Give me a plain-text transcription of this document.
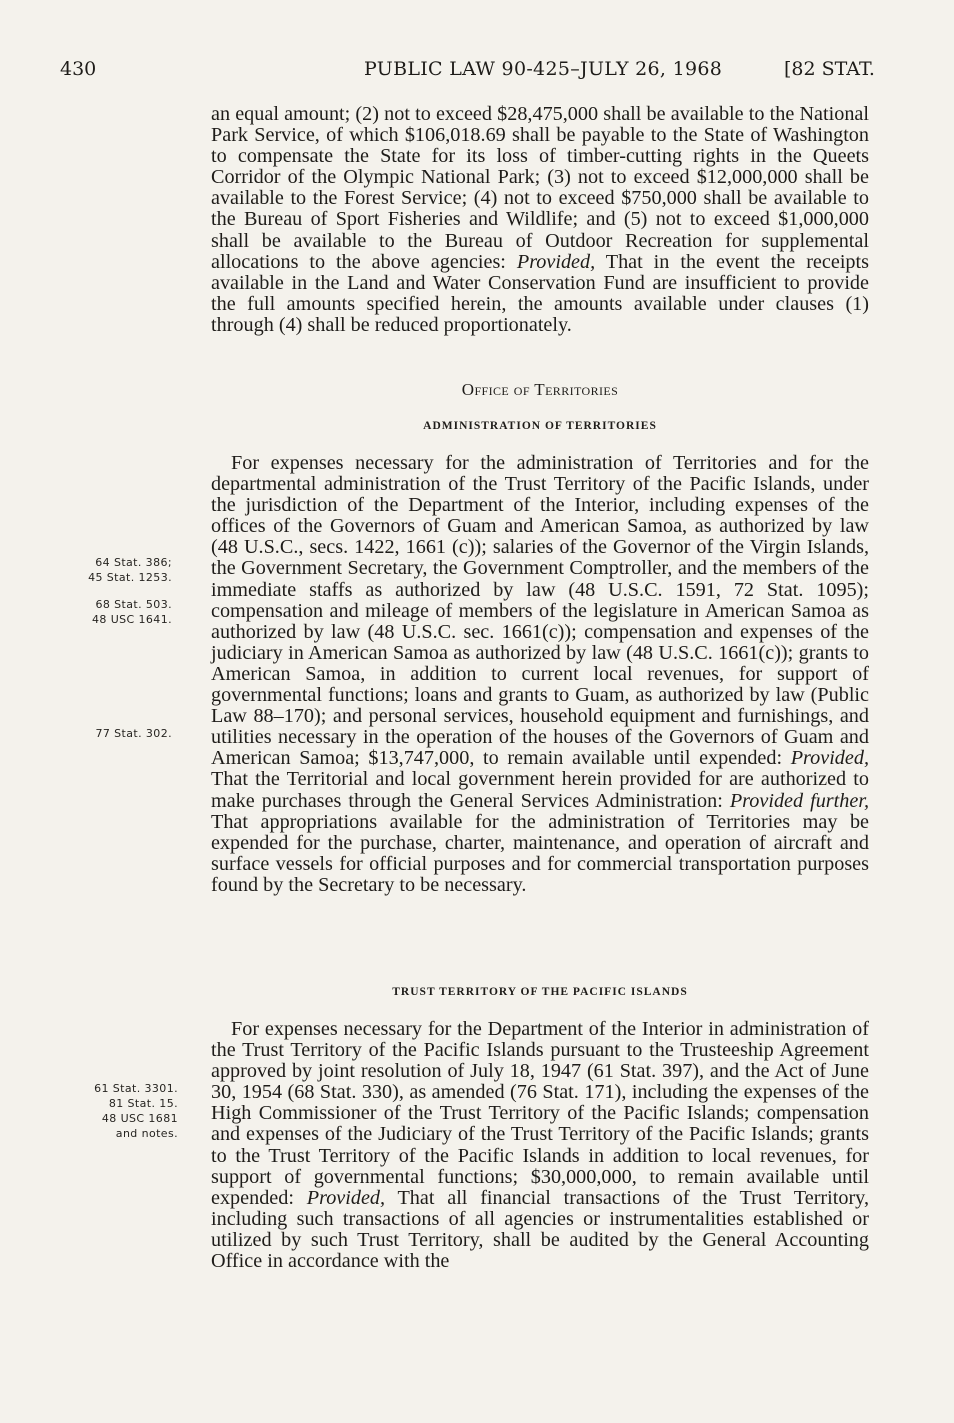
430	PUBLIC LAW 90-425–JULY 26, 1968	[82 STAT.

an equal amount; (2) not to exceed $28,475,000 shall be available to the National Park Service, of which $106,018.69 shall be payable to the State of Washington to compensate the State for its loss of timber-cutting rights in the Queets Corridor of the Olympic National Park; (3) not to exceed $12,000,000 shall be available to the Forest Service; (4) not to exceed $750,000 shall be available to the Bureau of Sport Fisheries and Wildlife; and (5) not to exceed $1,000,000 shall be available to the Bureau of Outdoor Recreation for supplemental allocations to the above agencies: Provided, That in the event the receipts available in the Land and Water Conservation Fund are insufficient to provide the full amounts specified herein, the amounts available under clauses (1) through (4) shall be reduced proportionately.

Office of Territories
ADMINISTRATION OF TERRITORIES

For expenses necessary for the administration of Territories and for the departmental administration of the Trust Territory of the Pacific Islands, under the jurisdiction of the Department of the Interior, including expenses of the offices of the Governors of Guam and American Samoa, as authorized by law (48 U.S.C., secs. 1422, 1661 (c)); salaries of the Governor of the Virgin Islands, the Government Secretary, the Government Comptroller, and the members of the immediate staffs as authorized by law (48 U.S.C. 1591, 72 Stat. 1095); compensation and mileage of members of the legislature in American Samoa as authorized by law (48 U.S.C. sec. 1661(c)); compensation and expenses of the judiciary in American Samoa as authorized by law (48 U.S.C. 1661(c)); grants to American Samoa, in addition to current local revenues, for support of governmental functions; loans and grants to Guam, as authorized by law (Public Law 88–170); and personal services, household equipment and furnishings, and utilities necessary in the operation of the houses of the Governors of Guam and American Samoa; $13,747,000, to remain available until expended: Provided, That the Territorial and local government herein provided for are authorized to make purchases through the General Services Administration: Provided further, That appropriations available for the administration of Territories may be expended for the purchase, charter, maintenance, and operation of aircraft and surface vessels for official purposes and for commercial transportation purposes found by the Secretary to be necessary.

TRUST TERRITORY OF THE PACIFIC ISLANDS

For expenses necessary for the Department of the Interior in administration of the Trust Territory of the Pacific Islands pursuant to the Trusteeship Agreement approved by joint resolution of July 18, 1947 (61 Stat. 397), and the Act of June 30, 1954 (68 Stat. 330), as amended (76 Stat. 171), including the expenses of the High Commissioner of the Trust Territory of the Pacific Islands; compensation and expenses of the Judiciary of the Trust Territory of the Pacific Islands; grants to the Trust Territory of the Pacific Islands in addition to local revenues, for support of governmental functions; $30,000,000, to remain available until expended: Provided, That all financial transactions of the Trust Territory, including such transactions of all agencies or instrumentalities established or utilized by such Trust Territory, shall be audited by the General Accounting Office in accordance with the

64 Stat. 386;
45 Stat. 1253.
68 Stat. 503.
48 USC 1641.
77 Stat. 302.
61 Stat. 3301.
81 Stat. 15.
48 USC 1681
and notes.
